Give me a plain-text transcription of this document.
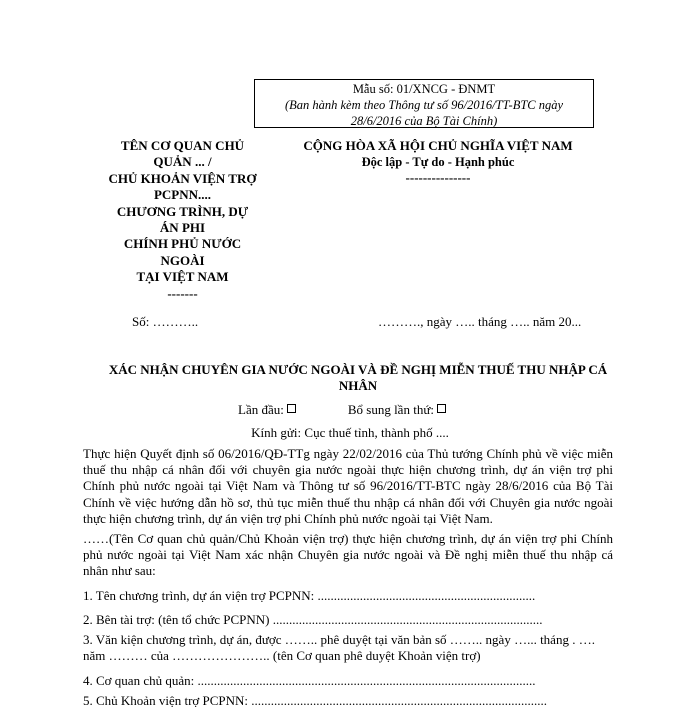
Mẫu số: 01/XNCG - ĐNMT
(Ban hành kèm theo Thông tư số 96/2016/TT-BTC ngày
28/6/2016 của Bộ Tài Chính)
TÊN CƠ QUAN CHỦ
QUẢN ... /
CHỦ KHOẢN VIỆN TRỢ
PCPNN....
CHƯƠNG TRÌNH, DỰ
ÁN PHI
CHÍNH PHỦ NƯỚC
NGOÀI
TẠI VIỆT NAM
-------
CỘNG HÒA XÃ HỘI CHỦ NGHĨA VIỆT NAM
Độc lập - Tự do - Hạnh phúc
---------------
Số: ………..	………., ngày ….. tháng ….. năm 20...
XÁC NHẬN CHUYÊN GIA NƯỚC NGOÀI VÀ ĐỀ NGHỊ MIỄN THUẾ THU NHẬP CÁ
NHÂN
Lần đầu:	Bổ sung lần thứ:
Kính gửi: Cục thuế tỉnh, thành phố ....
Thực hiện Quyết định số 06/2016/QĐ-TTg ngày 22/02/2016 của Thủ tướng Chính phủ về việc miễn thuế thu nhập cá nhân đối với chuyên gia nước ngoài thực hiện chương trình, dự án viện trợ phi Chính phủ nước ngoài tại Việt Nam và Thông tư số 96/2016/TT-BTC ngày 28/6/2016 của Bộ Tài Chính về việc hướng dẫn hồ sơ, thủ tục miễn thuế thu nhập cá nhân đối với Chuyên gia nước ngoài thực hiện chương trình, dự án viện trợ phi Chính phủ nước ngoài tại Việt Nam.
……(Tên Cơ quan chủ quản/Chủ Khoản viện trợ) thực hiện chương trình, dự án viện trợ phi Chính phủ nước ngoài tại Việt Nam xác nhận Chuyên gia nước ngoài và Đề nghị miễn thuế thu nhập cá nhân như sau:
1. Tên chương trình, dự án viện trợ PCPNN: ...................................................................
2. Bên tài trợ: (tên tổ chức PCPNN) ...................................................................................
3. Văn kiện chương trình, dự án, được …….. phê duyệt tại văn bản số …….. ngày …... tháng . …. năm ……… của ………………….. (tên Cơ quan phê duyệt Khoản viện trợ)
4. Cơ quan chủ quản: ........................................................................................................
5. Chủ Khoản viện trợ PCPNN: ...........................................................................................
